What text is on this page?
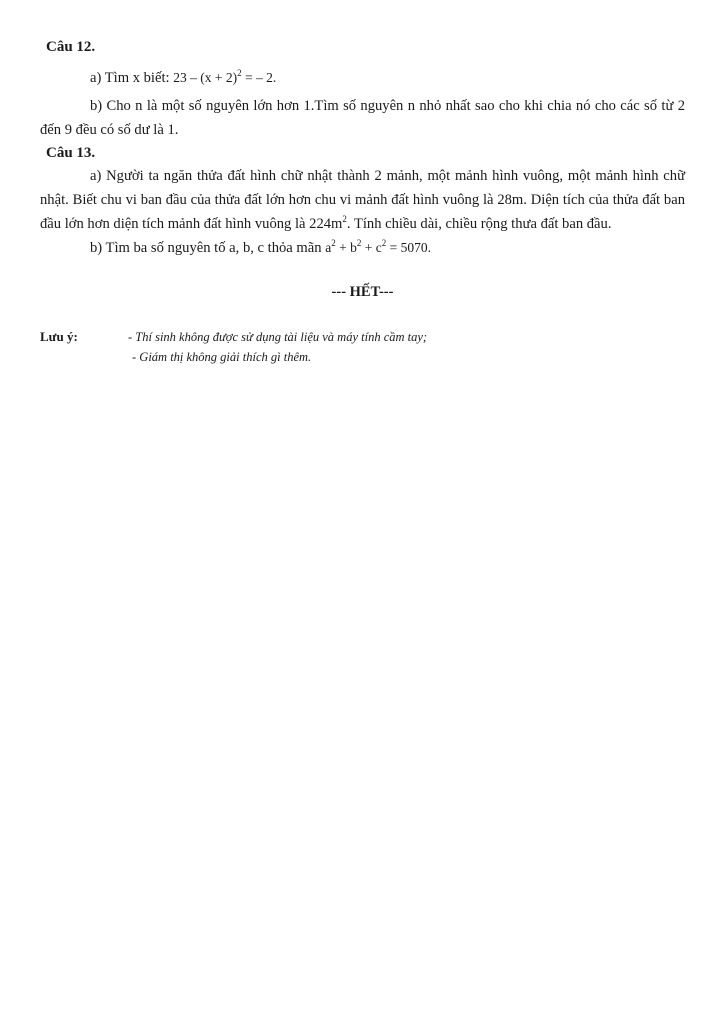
Câu 12.

a) Tìm x biết: $23 - (x + 2)^2$ = – 2.

b) Cho n là một số nguyên lớn hơn 1.Tìm số nguyên n nhỏ nhất sao cho khi chia nó cho các số từ 2 đến 9 đều có số dư là 1.

Câu 13.

a) Người ta ngăn thửa đất hình chữ nhật thành 2 mảnh, một mảnh hình vuông, một mảnh hình chữ nhật. Biết chu vi ban đầu của thửa đất lớn hơn chu vi mảnh đất hình vuông là 28m. Diện tích của thửa đất ban đầu lớn hơn diện tích mảnh đất hình vuông là $224m^2$. Tính chiều dài, chiều rộng thưa đất ban đầu.

b) Tìm ba số nguyên tố a, b, c thỏa mãn $a^2 + b^2 + c^2 = 5070$.

--- HẾT---
Lưu ý:	- Thí sinh không được sử dụng tài liệu và máy tính cầm tay;
- Giám thị không giải thích gì thêm.
